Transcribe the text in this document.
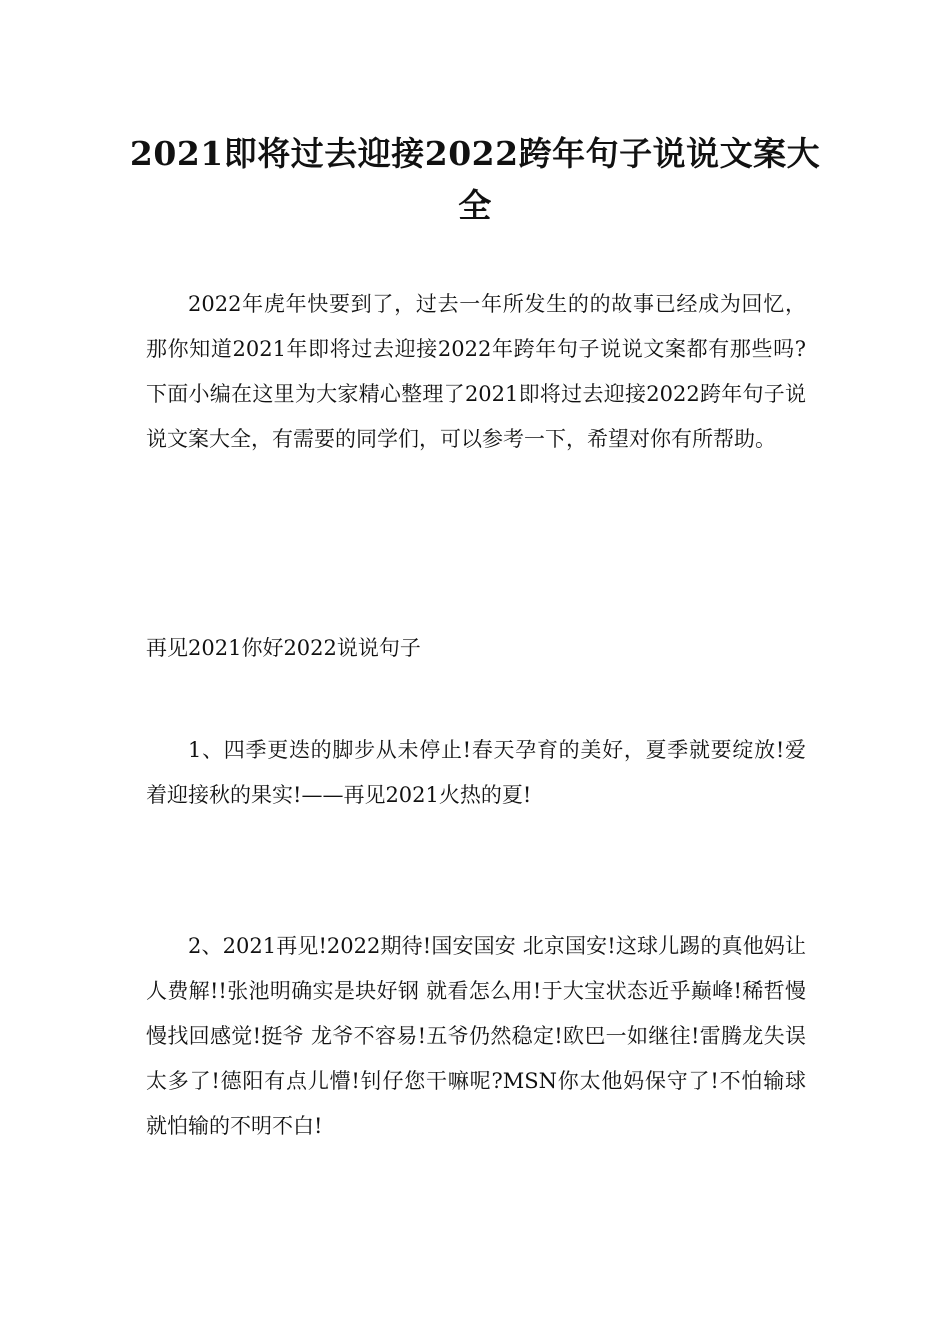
2021即将过去迎接2022跨年句子说说文案大全

2022年虎年快要到了，过去一年所发生的的故事已经成为回忆，那你知道2021年即将过去迎接2022年跨年句子说说文案都有那些吗?下面小编在这里为大家精心整理了2021即将过去迎接2022跨年句子说说文案大全，有需要的同学们，可以参考一下，希望对你有所帮助。

再见2021你好2022说说句子

1、四季更迭的脚步从未停止!春天孕育的美好，夏季就要绽放!爱着迎接秋的果实!——再见2021火热的夏!

2、2021再见!2022期待!国安国安 北京国安!这球儿踢的真他妈让人费解!!张池明确实是块好钢 就看怎么用!于大宝状态近乎巅峰!稀哲慢慢找回感觉!挺爷 龙爷不容易!五爷仍然稳定!欧巴一如继往!雷腾龙失误太多了!德阳有点儿懵!钊仔您干嘛呢?MSN你太他妈保守了!不怕输球 就怕输的不明不白!
